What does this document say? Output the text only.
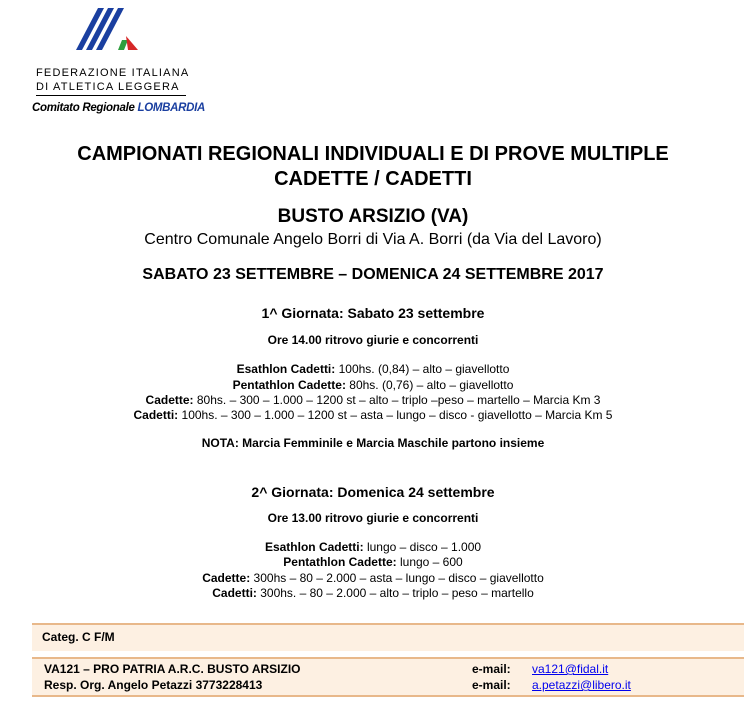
FEDERAZIONE ITALIANA
DI ATLETICA LEGGERA
Comitato Regionale LOMBARDIA
CAMPIONATI REGIONALI INDIVIDUALI E DI PROVE MULTIPLE
CADETTE / CADETTI
BUSTO ARSIZIO (VA)
Centro Comunale Angelo Borri di Via A. Borri (da Via del Lavoro)
SABATO 23 SETTEMBRE – DOMENICA 24 SETTEMBRE 2017
1^ Giornata: Sabato 23 settembre
Ore 14.00 ritrovo giurie e concorrenti
Esathlon Cadetti: 100hs. (0,84) – alto – giavellotto
Pentathlon Cadette: 80hs. (0,76) – alto – giavellotto
Cadette: 80hs. – 300 – 1.000 – 1200 st – alto – triplo –peso – martello – Marcia Km 3
Cadetti: 100hs. – 300 – 1.000 – 1200 st – asta – lungo – disco - giavellotto – Marcia Km 5
NOTA: Marcia Femminile e Marcia Maschile partono insieme
2^ Giornata: Domenica 24 settembre
Ore 13.00 ritrovo giurie e concorrenti
Esathlon Cadetti: lungo – disco – 1.000
Pentathlon Cadette: lungo – 600
Cadette: 300hs – 80 – 2.000 – asta – lungo – disco – giavellotto
Cadetti: 300hs. – 80 – 2.000 – alto – triplo – peso – martello
Categ. C F/M
VA121 – PRO PATRIA A.R.C. BUSTO ARSIZIO
Resp. Org. Angelo Petazzi 3773228413
e-mail: va121@fidal.it
e-mail: a.petazzi@libero.it
